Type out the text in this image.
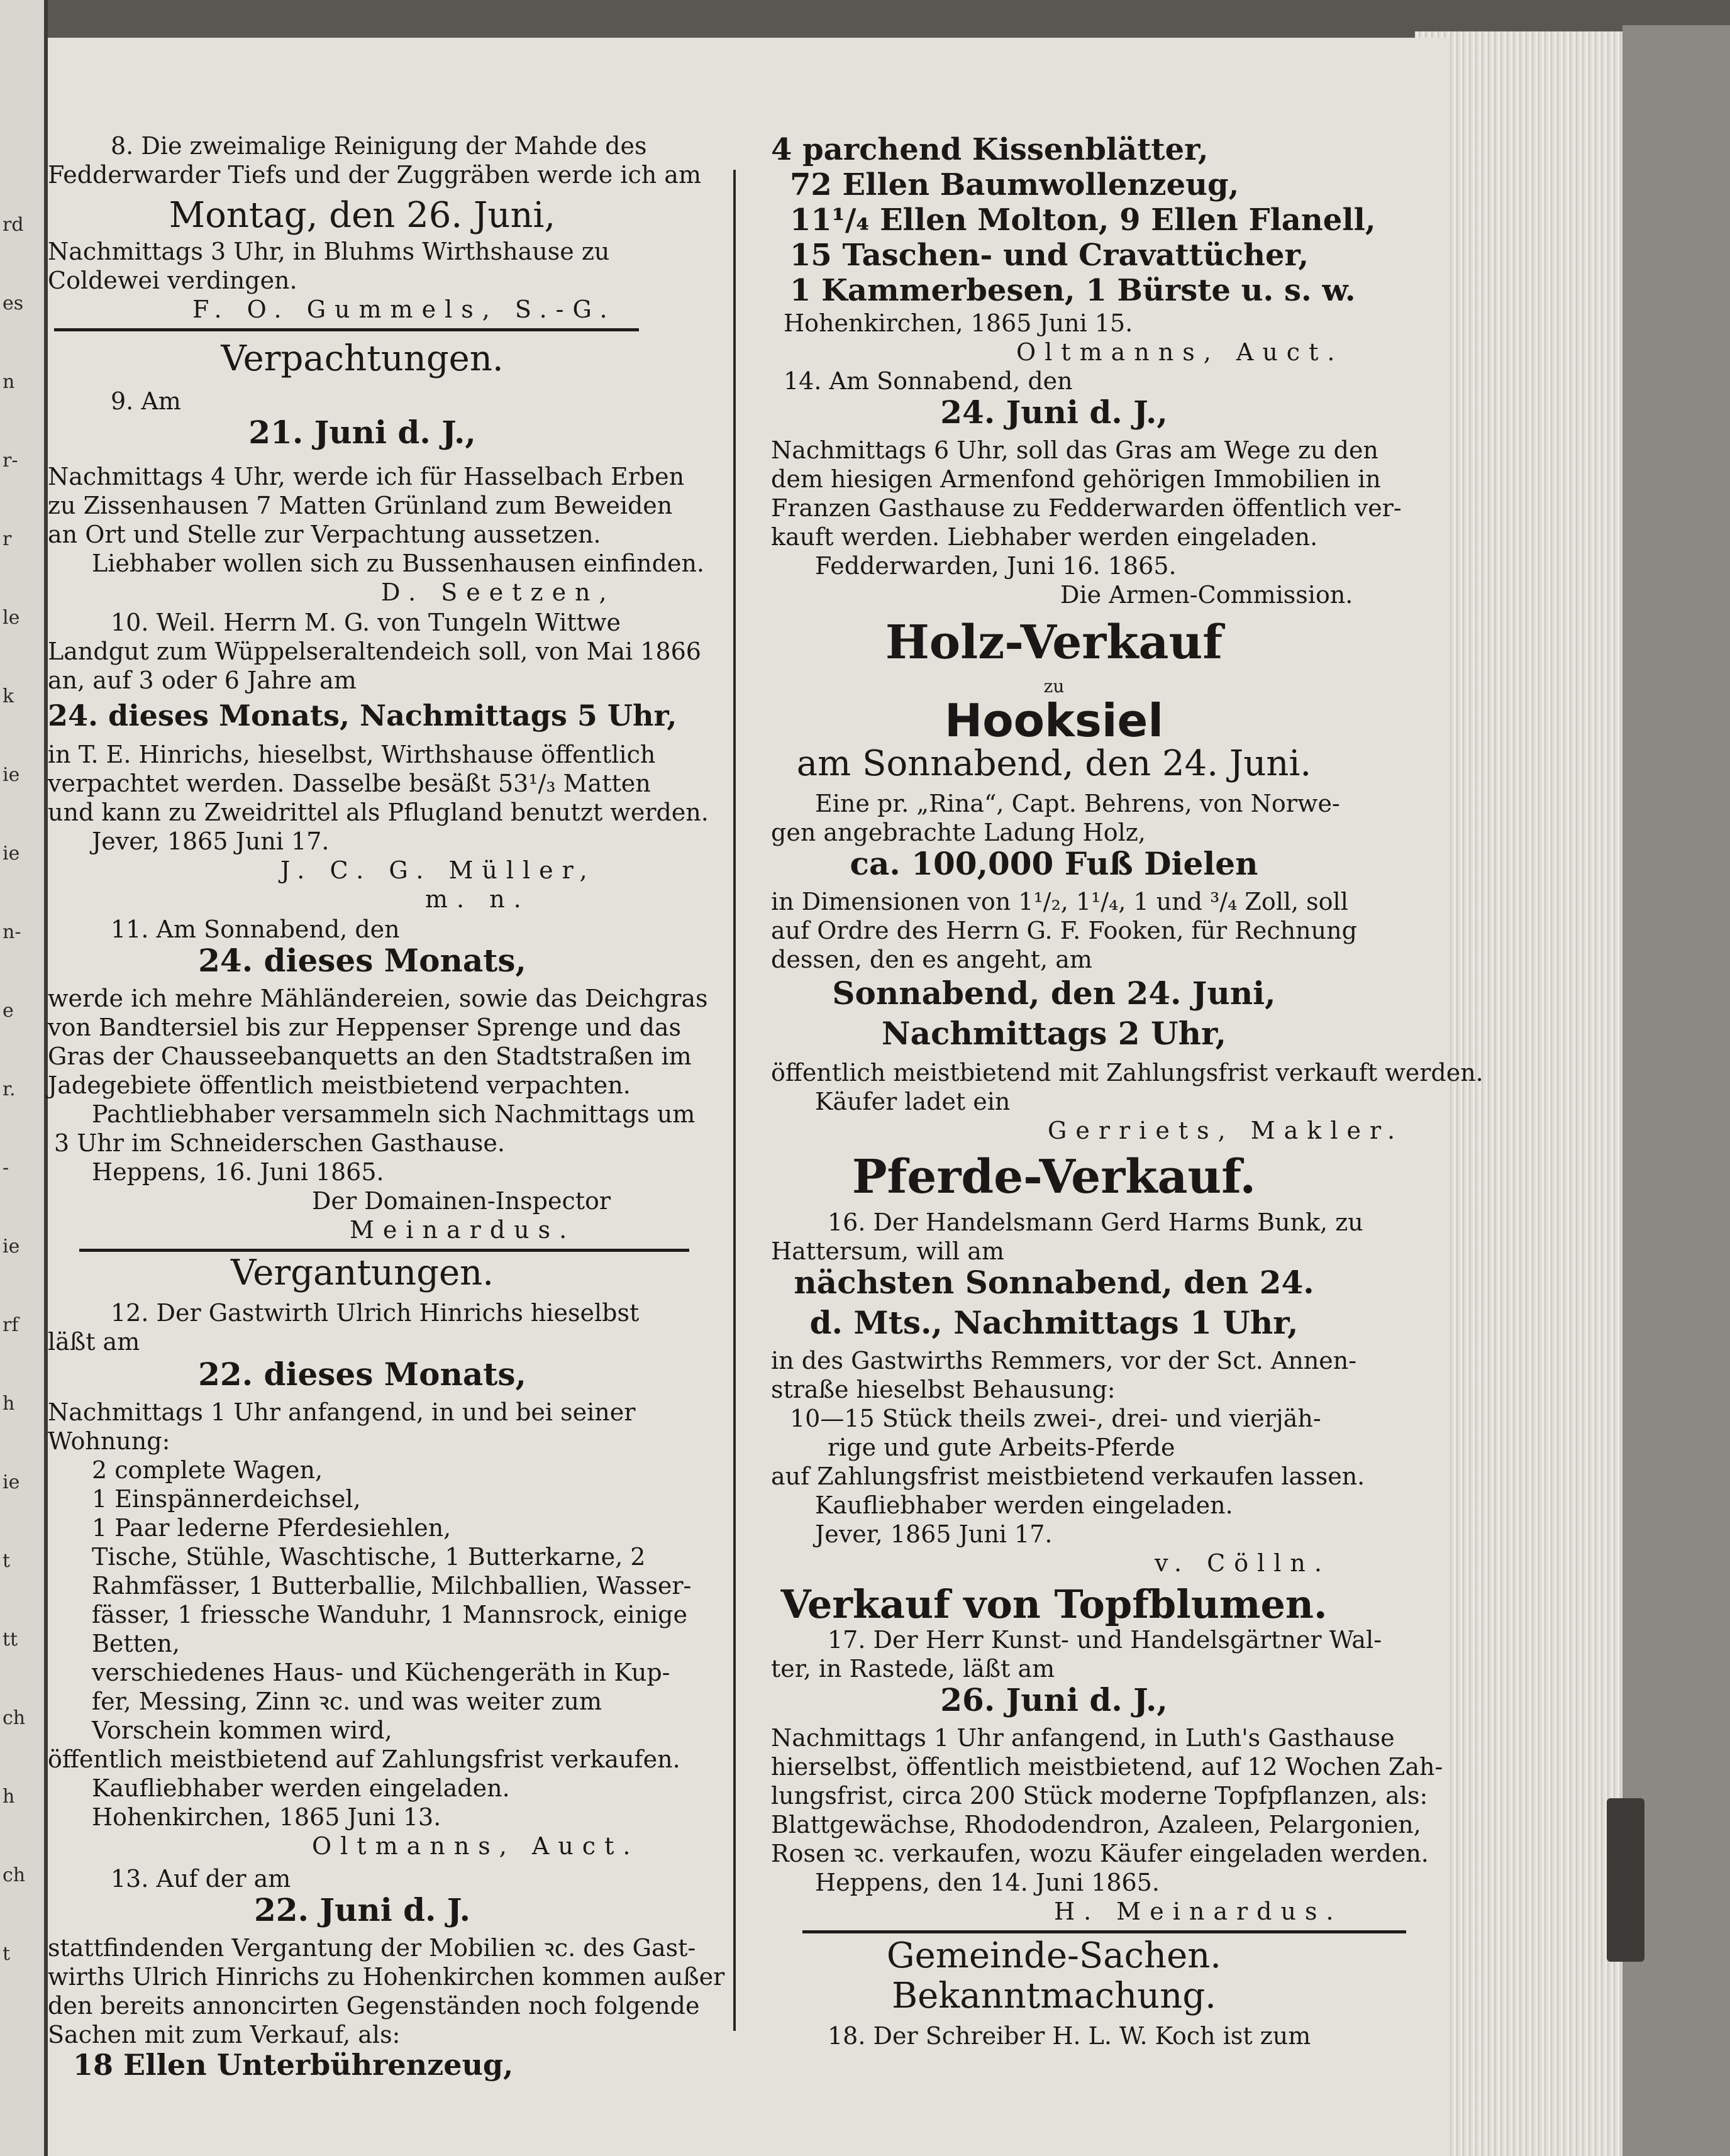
rd
es
n
r-
r
le
k
ie
ie
n-
e
r.
-
ie
rf
h
ie
t
tt
ch
h
ch
t
8. Die zweimalige Reinigung der Mahde des
Fedderwarder Tiefs und der Zuggräben werde ich am
Montag, den 26. Juni,
Nachmittags 3 Uhr, in Bluhms Wirthshause zu
Coldewei verdingen.
F. O. Gummels, S.-G.
Verpachtungen.
9. Am
21. Juni d. J.,
Nachmittags 4 Uhr, werde ich für Hasselbach Erben
zu Zissenhausen 7 Matten Grünland zum Beweiden
an Ort und Stelle zur Verpachtung aussetzen.
Liebhaber wollen sich zu Bussenhausen einfinden.
D. Seetzen,
10. Weil. Herrn M. G. von Tungeln Wittwe
Landgut zum Wüppelseraltendeich soll, von Mai 1866
an, auf 3 oder 6 Jahre am
24. dieses Monats, Nachmittags 5 Uhr,
in T. E. Hinrichs, hieselbst, Wirthshause öffentlich
verpachtet werden. Dasselbe besäßt 53¹/₃ Matten
und kann zu Zweidrittel als Pflugland benutzt werden.
Jever, 1865 Juni 17.
J. C. G. Müller,
m. n.
11. Am Sonnabend, den
24. dieses Monats,
werde ich mehre Mähländereien, sowie das Deichgras
von Bandtersiel bis zur Heppenser Sprenge und das
Gras der Chausseebanquetts an den Stadtstraßen im
Jadegebiete öffentlich meistbietend verpachten.
Pachtliebhaber versammeln sich Nachmittags um
3 Uhr im Schneiderschen Gasthause.
Heppens, 16. Juni 1865.
Der Domainen-Inspector
Meinardus.
Vergantungen.
12. Der Gastwirth Ulrich Hinrichs hieselbst
läßt am
22. dieses Monats,
Nachmittags 1 Uhr anfangend, in und bei seiner
Wohnung:
2 complete Wagen,
1 Einspännerdeichsel,
1 Paar lederne Pferdesiehlen,
Tische, Stühle, Waschtische, 1 Butterkarne, 2
Rahmfässer, 1 Butterballie, Milchballien, Wasser-
fässer, 1 friessche Wanduhr, 1 Mannsrock, einige
Betten,
verschiedenes Haus- und Küchengeräth in Kup-
fer, Messing, Zinn ꝛc. und was weiter zum
Vorschein kommen wird,
öffentlich meistbietend auf Zahlungsfrist verkaufen.
Kaufliebhaber werden eingeladen.
Hohenkirchen, 1865 Juni 13.
Oltmanns, Auct.
13. Auf der am
22. Juni d. J.
stattfindenden Vergantung der Mobilien ꝛc. des Gast-
wirths Ulrich Hinrichs zu Hohenkirchen kommen außer
den bereits annoncirten Gegenständen noch folgende
Sachen mit zum Verkauf, als:
18 Ellen Unterbührenzeug,
4 parchend Kissenblätter,
72 Ellen Baumwollenzeug,
11¹/₄ Ellen Molton, 9 Ellen Flanell,
15 Taschen- und Cravattücher,
1 Kammerbesen, 1 Bürste u. s. w.
Hohenkirchen, 1865 Juni 15.
Oltmanns, Auct.
14. Am Sonnabend, den
24. Juni d. J.,
Nachmittags 6 Uhr, soll das Gras am Wege zu den
dem hiesigen Armenfond gehörigen Immobilien in
Franzen Gasthause zu Fedderwarden öffentlich ver-
kauft werden. Liebhaber werden eingeladen.
Fedderwarden, Juni 16. 1865.
Die Armen-Commission.
Holz-Verkauf
zu
Hooksiel
am Sonnabend, den 24. Juni.
Eine pr. „Rina“, Capt. Behrens, von Norwe-
gen angebrachte Ladung Holz,
ca. 100,000 Fuß Dielen
in Dimensionen von 1¹/₂, 1¹/₄, 1 und ³/₄ Zoll, soll
auf Ordre des Herrn G. F. Fooken, für Rechnung
dessen, den es angeht, am
Sonnabend, den 24. Juni,
Nachmittags 2 Uhr,
öffentlich meistbietend mit Zahlungsfrist verkauft werden.
Käufer ladet ein
Gerriets, Makler.
Pferde-Verkauf.
16. Der Handelsmann Gerd Harms Bunk, zu
Hattersum, will am
nächsten Sonnabend, den 24.
d. Mts., Nachmittags 1 Uhr,
in des Gastwirths Remmers, vor der Sct. Annen-
straße hieselbst Behausung:
10—15 Stück theils zwei-, drei- und vierjäh-
rige und gute Arbeits-Pferde
auf Zahlungsfrist meistbietend verkaufen lassen.
Kaufliebhaber werden eingeladen.
Jever, 1865 Juni 17.
v. Cölln.
Verkauf von Topfblumen.
17. Der Herr Kunst- und Handelsgärtner Wal-
ter, in Rastede, läßt am
26. Juni d. J.,
Nachmittags 1 Uhr anfangend, in Luth's Gasthause
hierselbst, öffentlich meistbietend, auf 12 Wochen Zah-
lungsfrist, circa 200 Stück moderne Topfpflanzen, als:
Blattgewächse, Rhododendron, Azaleen, Pelargonien,
Rosen ꝛc. verkaufen, wozu Käufer eingeladen werden.
Heppens, den 14. Juni 1865.
H. Meinardus.
Gemeinde-Sachen.
Bekanntmachung.
18. Der Schreiber H. L. W. Koch ist zum
